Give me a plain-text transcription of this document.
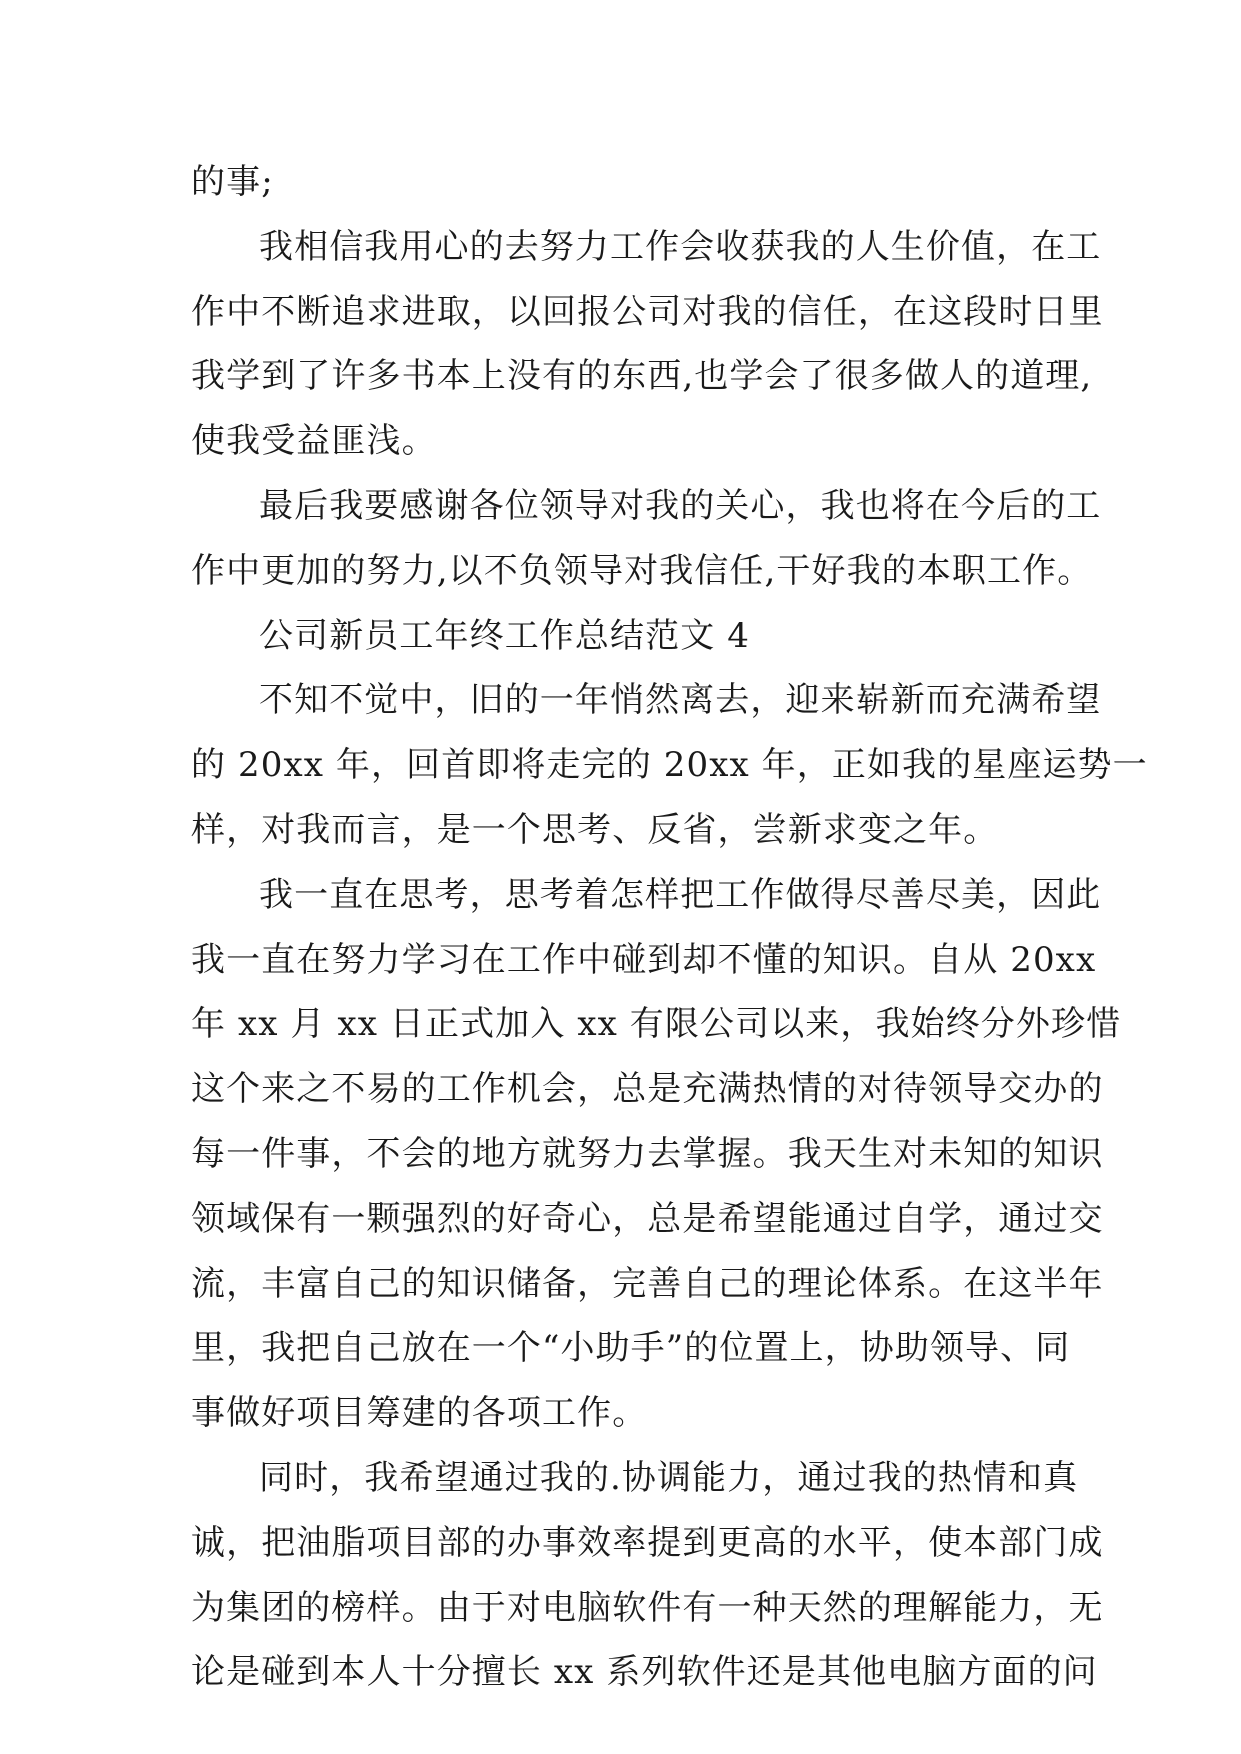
的事;
我相信我用心的去努力工作会收获我的人生价值，在工
作中不断追求进取，以回报公司对我的信任，在这段时日里
我学到了许多书本上没有的东西,也学会了很多做人的道理,
使我受益匪浅。
最后我要感谢各位领导对我的关心，我也将在今后的工
作中更加的努力,以不负领导对我信任,干好我的本职工作。
公司新员工年终工作总结范文 4
不知不觉中，旧的一年悄然离去，迎来崭新而充满希望
的 20xx 年，回首即将走完的 20xx 年，正如我的星座运势一
样，对我而言，是一个思考、反省，尝新求变之年。
我一直在思考，思考着怎样把工作做得尽善尽美，因此
我一直在努力学习在工作中碰到却不懂的知识。自从 20xx
年 xx 月 xx 日正式加入 xx 有限公司以来，我始终分外珍惜
这个来之不易的工作机会，总是充满热情的对待领导交办的
每一件事，不会的地方就努力去掌握。我天生对未知的知识
领域保有一颗强烈的好奇心，总是希望能通过自学，通过交
流，丰富自己的知识储备，完善自己的理论体系。在这半年
里，我把自己放在一个“小助手”的位置上，协助领导、同
事做好项目筹建的各项工作。
同时，我希望通过我的.协调能力，通过我的热情和真
诚，把油脂项目部的办事效率提到更高的水平，使本部门成
为集团的榜样。由于对电脑软件有一种天然的理解能力，无
论是碰到本人十分擅长 xx 系列软件还是其他电脑方面的问
